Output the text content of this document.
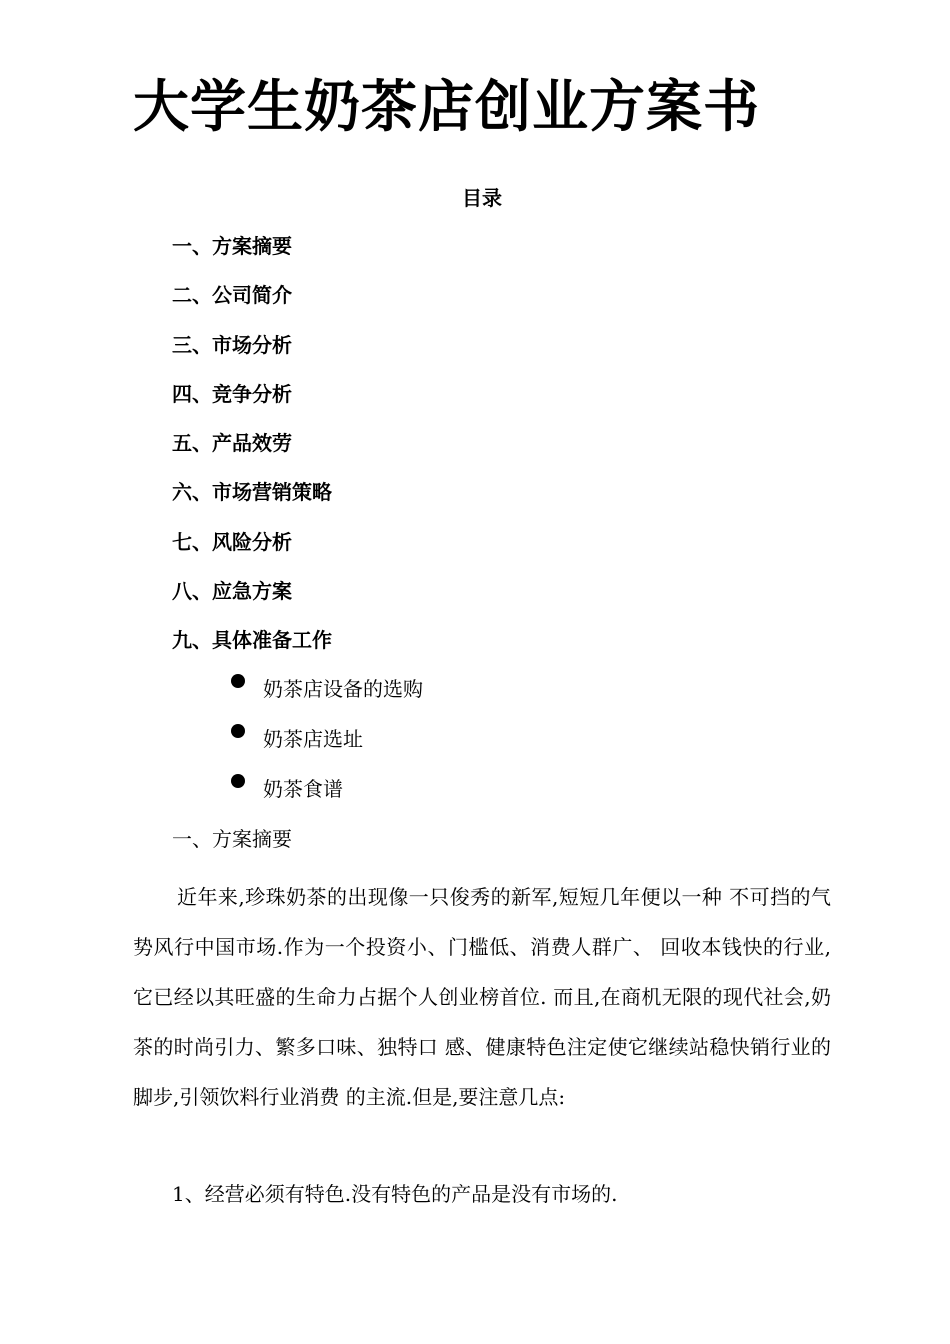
大学生奶茶店创业方案书
目录
一、方案摘要
二、公司简介
三、市场分析
四、竞争分析
五、产品效劳
六、市场营销策略
七、风险分析
八、应急方案
九、具体准备工作
奶茶店设备的选购
奶茶店选址
奶茶食谱
一、方案摘要

近年来,珍珠奶茶的出现像一只俊秀的新军,短短几年便以一种 不可挡的气势风行中国市场.作为一个投资小、门槛低、消费人群广、 回收本钱快的行业,它已经以其旺盛的生命力占据个人创业榜首位. 而且,在商机无限的现代社会,奶茶的时尚引力、繁多口味、独特口 感、健康特色注定使它继续站稳快销行业的脚步,引领饮料行业消费 的主流.但是,要注意几点:

1、经营必须有特色.没有特色的产品是没有市场的.
